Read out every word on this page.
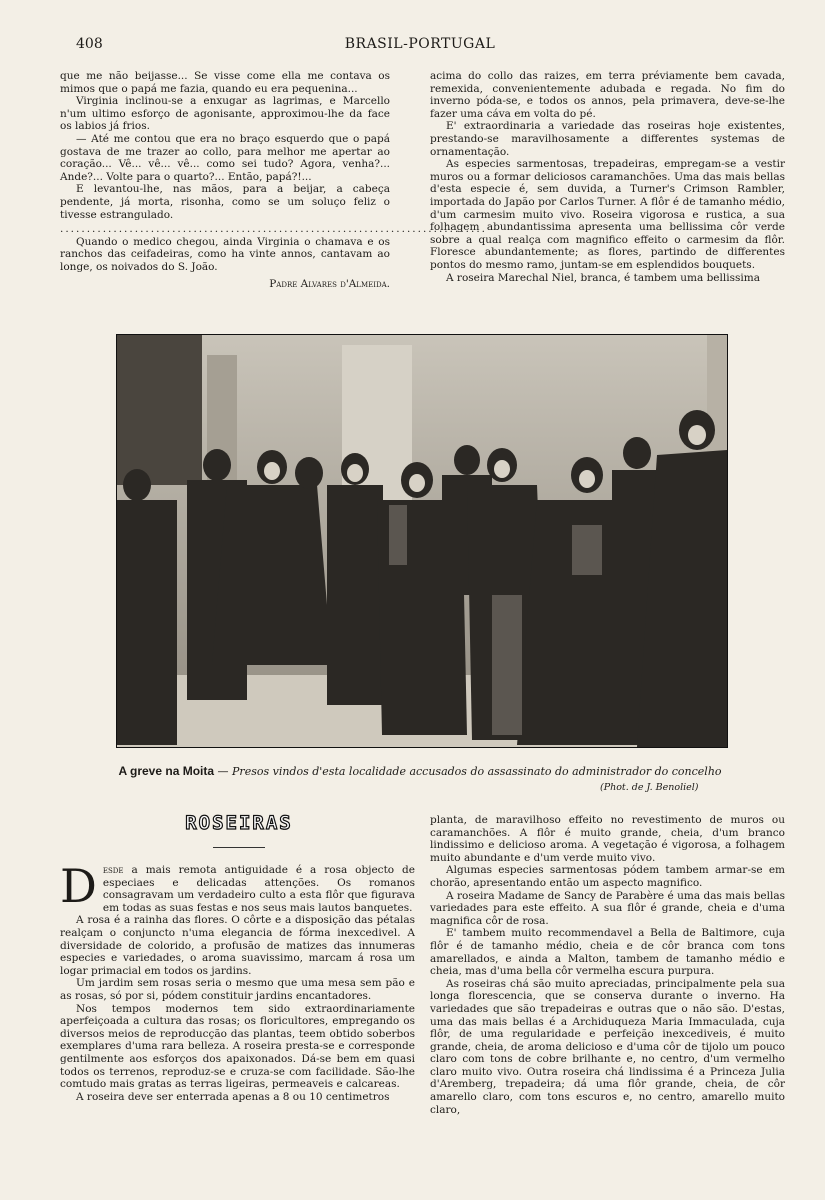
408	BRASIL-PORTUGAL

que me não beijasse... Se visse come ella me contava os mimos que o papá me fazia, quando eu era pequenina...

Virginia inclinou-se a enxugar as lagrimas, e Marcello n'um ultimo esforço de agonisante, approximou-lhe da face os labios já frios.

— Até me contou que era no braço esquerdo que o papá gostava de me trazer ao collo, para melhor me apertar ao coração... Vê... vê... vê... como sei tudo? Agora, venha?... Ande?... Volte para o quarto?... Então, papá?!...

E levantou-lhe, nas mãos, para a beijar, a cabeça pendente, já morta, risonha, como se um soluço feliz o tivesse estrangulado.

................................................................................

Quando o medico chegou, ainda Virginia o chamava e os ranchos das ceifadeiras, como ha vinte annos, cantavam ao longe, os noivados do S. João.

Padre Alvares d'Almeida.

acima do collo das raizes, em terra préviamente bem cavada, remexida, convenientemente adubada e regada. No fim do inverno póda-se, e todos os annos, pela primavera, deve-se-lhe fazer uma cáva em volta do pé.

E' extraordinaria a variedade das roseiras hoje existentes, prestando-se maravilhosamente a differentes systemas de ornamentação.

As especies sarmentosas, trepadeiras, empregam-se a vestir muros ou a formar deliciosos caramanchões. Uma das mais bellas d'esta especie é, sem duvida, a Turner's Crimson Rambler, importada do Japão por Carlos Turner. A flôr é de tamanho médio, d'um carmesim muito vivo. Roseira vigorosa e rustica, a sua folhagem abundantissima apresenta uma bellissima côr verde sobre a qual realça com magnifico effeito o carmesim da flôr. Floresce abundantemente; as flores, partindo de differentes pontos do mesmo ramo, juntam-se em esplendidos bouquets.

A roseira Marechal Niel, branca, é tambem uma bellissima

A greve na Moita — Presos vindos d'esta localidade accusados do assassinato do administrador do concelho
(Phot. de J. Benoliel)
ROSEIRAS

Desde a mais remota antiguidade é a rosa objecto de especiaes e delicadas attenções. Os romanos consagravam um verdadeiro culto a esta flôr que figurava em todas as suas festas e nos seus mais lautos banquetes.

A rosa é a rainha das flores. O côrte e a disposição das pétalas realçam o conjuncto n'uma elegancia de fórma inexcedivel. A diversidade de colorido, a profusão de matizes das innumeras especies e variedades, o aroma suavissimo, marcam á rosa um logar primacial em todos os jardins.

Um jardim sem rosas seria o mesmo que uma mesa sem pão e as rosas, só por si, pódem constituir jardins encantadores.

Nos tempos modernos tem sido extraordinariamente aperfeiçoada a cultura das rosas; os floricultores, empregando os diversos meios de reproducção das plantas, teem obtido soberbos exemplares d'uma rara belleza. A roseira presta-se e corresponde gentilmente aos esforços dos apaixonados. Dá-se bem em quasi todos os terrenos, reproduz-se e cruza-se com facilidade. São-lhe comtudo mais gratas as terras ligeiras, permeaveis e calcareas.

A roseira deve ser enterrada apenas a 8 ou 10 centimetros

planta, de maravilhoso effeito no revestimento de muros ou caramanchões. A flôr é muito grande, cheia, d'um branco lindissimo e delicioso aroma. A vegetação é vigorosa, a folhagem muito abundante e d'um verde muito vivo.

Algumas especies sarmentosas pódem tambem armar-se em chorão, apresentando então um aspecto magnifico.

A roseira Madame de Sancy de Parabère é uma das mais bellas variedades para este effeito. A sua flôr é grande, cheia e d'uma magnifica côr de rosa.

E' tambem muito recommendavel a Bella de Baltimore, cuja flôr é de tamanho médio, cheia e de côr branca com tons amarellados, e ainda a Malton, tambem de tamanho médio e cheia, mas d'uma bella côr vermelha escura purpura.

As roseiras chá são muito apreciadas, principalmente pela sua longa florescencia, que se conserva durante o inverno. Ha variedades que são trepadeiras e outras que o não são. D'estas, uma das mais bellas é a Archiduqueza Maria Immaculada, cuja flôr, de uma regularidade e perfeição inexcediveis, é muito grande, cheia, de aroma delicioso e d'uma côr de tijolo um pouco claro com tons de cobre brilhante e, no centro, d'um vermelho claro muito vivo. Outra roseira chá lindissima é a Princeza Julia d'Aremberg, trepadeira; dá uma flôr grande, cheia, de côr amarello claro, com tons escuros e, no centro, amarello muito claro,
